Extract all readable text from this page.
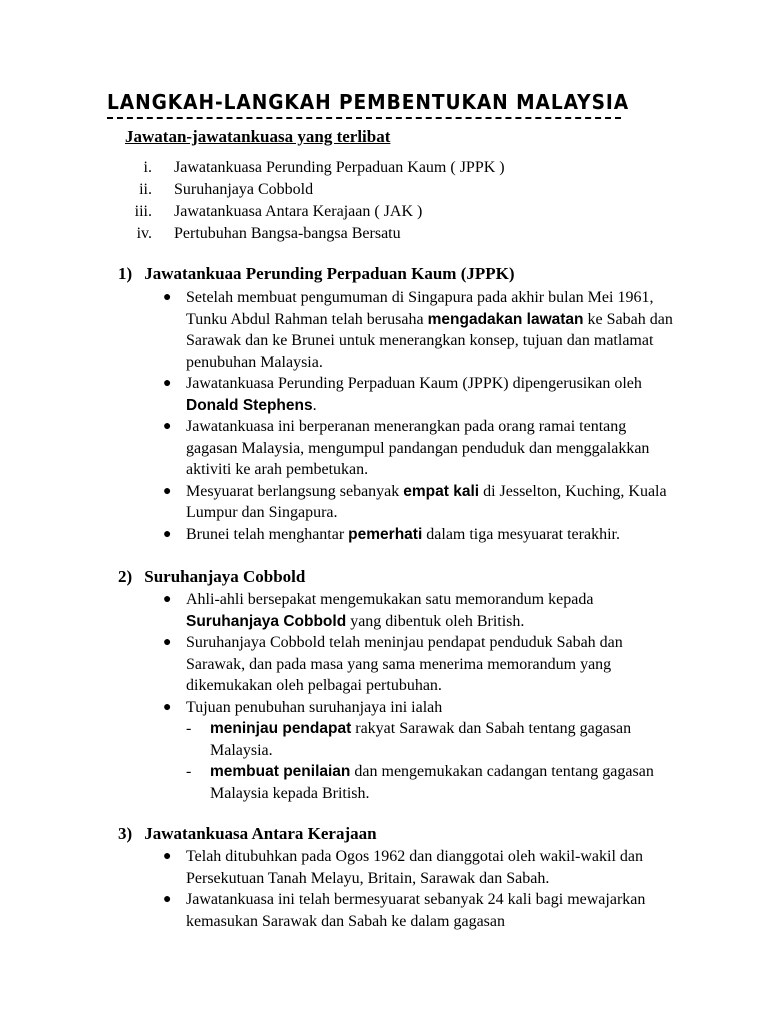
LANGKAH-LANGKAH PEMBENTUKAN MALAYSIA
Jawatan-jawatankuasa yang terlibat
i. Jawatankuasa Perunding Perpaduan Kaum ( JPPK )
ii. Suruhanjaya Cobbold
iii. Jawatankuasa Antara Kerajaan ( JAK )
iv. Pertubuhan Bangsa-bangsa Bersatu
1) Jawatankuaa Perunding Perpaduan Kaum (JPPK)
● Setelah membuat pengumuman di Singapura pada akhir bulan Mei 1961, Tunku Abdul Rahman telah berusaha mengadakan lawatan ke Sabah dan Sarawak dan ke Brunei untuk menerangkan konsep, tujuan dan matlamat penubuhan Malaysia.
● Jawatankuasa Perunding Perpaduan Kaum (JPPK) dipengerusikan oleh Donald Stephens.
● Jawatankuasa ini berperanan menerangkan pada orang ramai tentang gagasan Malaysia, mengumpul pandangan penduduk dan menggalakkan aktiviti ke arah pembetukan.
● Mesyuarat berlangsung sebanyak empat kali di Jesselton, Kuching, Kuala Lumpur dan Singapura.
● Brunei telah menghantar pemerhati dalam tiga mesyuarat terakhir.
2) Suruhanjaya Cobbold
● Ahli-ahli bersepakat mengemukakan satu memorandum kepada Suruhanjaya Cobbold yang dibentuk oleh British.
● Suruhanjaya Cobbold telah meninjau pendapat penduduk Sabah dan Sarawak, dan pada masa yang sama menerima memorandum yang dikemukakan oleh pelbagai pertubuhan.
● Tujuan penubuhan suruhanjaya ini ialah
- meninjau pendapat rakyat Sarawak dan Sabah tentang gagasan Malaysia.
- membuat penilaian dan mengemukakan cadangan tentang gagasan Malaysia kepada British.
3) Jawatankuasa Antara Kerajaan
● Telah ditubuhkan pada Ogos 1962 dan dianggotai oleh wakil-wakil dan Persekutuan Tanah Melayu, Britain, Sarawak dan Sabah.
● Jawatankuasa ini telah bermesyuarat sebanyak 24 kali bagi mewajarkan kemasukan Sarawak dan Sabah ke dalam gagasan
